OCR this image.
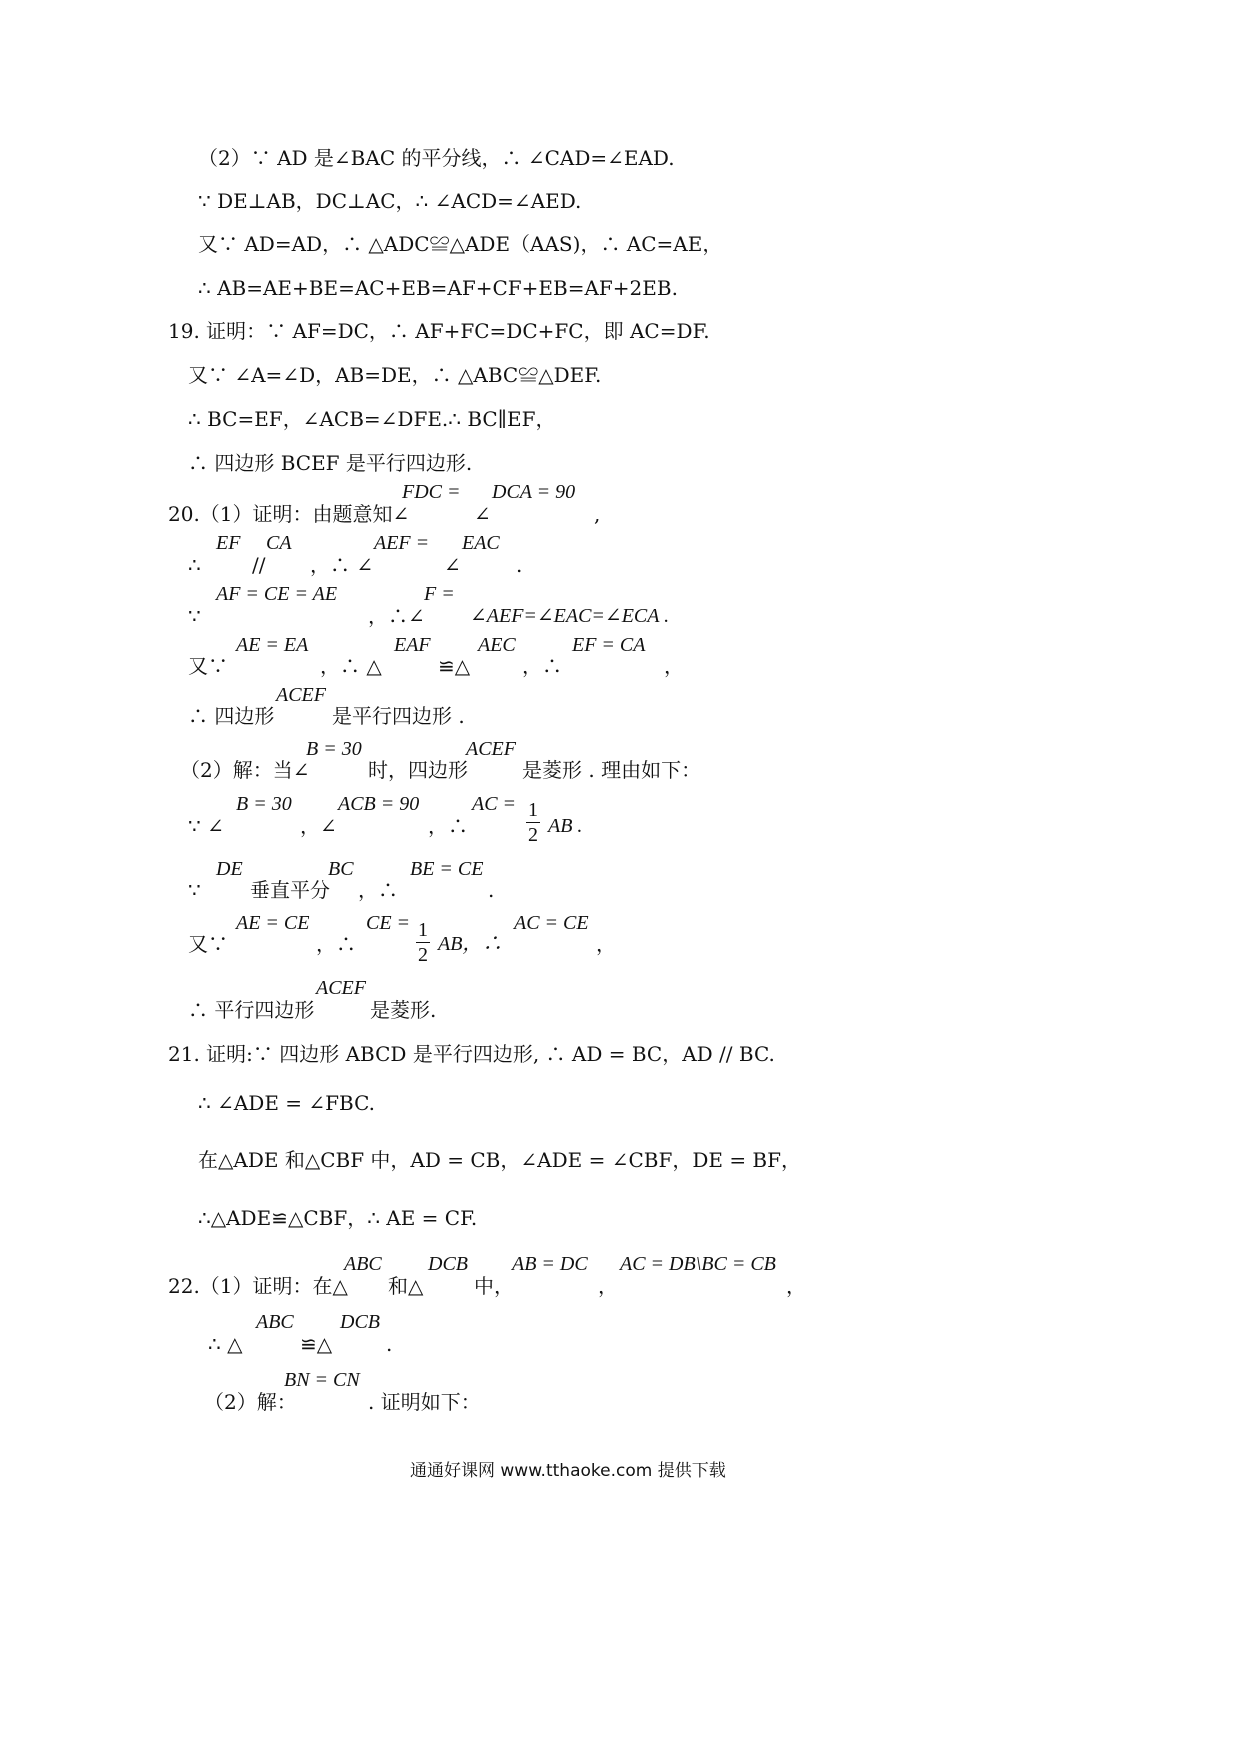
（2）∵ AD 是∠BAC 的平分线，∴ ∠CAD=∠EAD.
∵ DE⊥AB，DC⊥AC，∴ ∠ACD=∠AED.
又∵ AD=AD，∴ △ADC≌△ADE（AAS)，∴ AC=AE，
∴ AB=AE+BE=AC+EB=AF+CF+EB=AF+2EB.
19. 证明：∵ AF=DC，∴ AF+FC=DC+FC，即 AC=DF.
又∵ ∠A=∠D，AB=DE，∴ △ABC≌△DEF.
∴ BC=EF，∠ACB=∠DFE.∴ BC∥EF，
∴ 四边形 BCEF 是平行四边形.
20.（1）证明：由题意知∠
FDC =
∠
DCA = 90
,
∴
EF
//
CA
，∴ ∠
AEF =
∠
EAC
.
∵
AF = CE = AE
，∴∠
F =
∠AEF=∠EAC=∠ECA .
又∵
AE = EA
，∴ △
EAF
≌△
AEC
，∴
EF = CA
，
∴ 四边形
ACEF
是平行四边形 .
（2）解：当∠
B = 30
时，四边形
ACEF
是菱形 . 理由如下：
∵ ∠
B = 30
，∠
ACB = 90
，∴
AC = 1
2 AB .
∵
DE
垂直平分
BC
，∴
BE = CE
.
又∵
AE = CE
，∴
CE = 1
2 AB，∴
AC = CE
，
∴ 平行四边形
ACEF
是菱形.
21. 证明:∵ 四边形 ABCD 是平行四边形, ∴ AD = BC，AD // BC.
∴ ∠ADE = ∠FBC.
在△ADE 和△CBF 中，AD = CB，∠ADE = ∠CBF，DE = BF，
∴△ADE≌△CBF，∴ AE = CF.
22.（1）证明：在△
ABC
和△
DCB
中，
AB = DC
，
AC = DB\BC = CB
，
∴ △
ABC
≌△
DCB
.
（2）解：
BN = CN
. 证明如下：
通通好课网 www.tthaoke.com 提供下载
